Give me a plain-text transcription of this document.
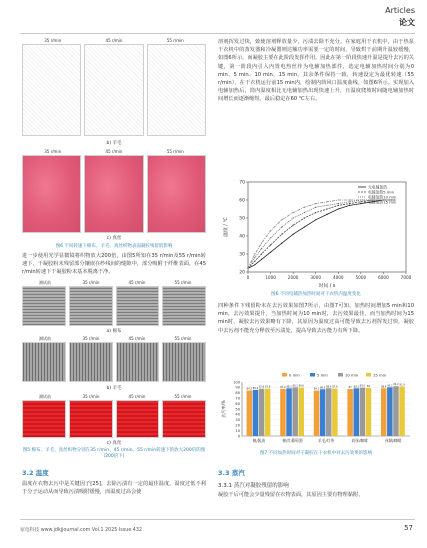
Articles
论文
35 r/min	45 r/min	55 r/min
b) 羊毛
35 r/min	45 r/min	55 r/min
c) 真丝
图6 不同转速下棉布、羊毛、真丝织物表面凝胶残留的影响
进一步使用光学显微镜将织物放大200倍，由图5所知在35 r/min及55 r/min转速下，干凝胶粉末残留部分镶嵌在纱线间的缝隙中，部分吸附于纤维表面，在45 r/min转速下干凝胶粉末基本脱离干净。
测试前	35 r/min	45 r/min	55 r/min
a) 棉布
测试前	35 r/min	45 r/min	55 r/min
b) 羊毛
测试前	35 r/min	45 r/min	55 r/min
c) 真丝
图5 棉布、羊毛、真丝织物分别在35 r/min、45 r/min、55 r/min转速下的放大200倍的图(200倍下)
3.2 温度
温度在衣物去污中是关键因子[25]，去除污渍有一定的最佳温度，温度过低不利于分子运动从而导致污渍吸附缓慢，而温度过高会使
溶剂挥发过快，致使溶剂释放量少，污渍去除不充分。在家庭用干衣机中，由于热泵干衣机中的蒸发器和冷凝器则达额功率需要一定的时间，导致烘干前期升温较缓慢，如图6所示，而凝胶主要在此阶段发挥作用。因此在第一阶段快速升温是提升去污的关键，第一阶段内引入内置电热丝作为电辅加热部件，选定电辅加热时间分别为0 min、5 min、10 min、15 min，其余条件保持一致，转速设定为最优转速（55 r/min），在干衣机运行前15 min内，绘制内筒风口温度曲线，如图6所示。实现加入电辅加热后，筒内温度相比无电辅加热出现快速上升，且温度爬坡时间随电辅加热时间增长而逐渐缩短，最后稳定在60 ℃左右。
20
30
40
50
60
70
0	1000	2000	3000	4000	5000	6000	7000
时间 / s
温度 / ℃
无电辅加热
电辅加热5 min
电辅加热10 min
电辅加热15 min
图6 不同电辅热加热时间对干衣机内温度变化
四种条件下残留粉末在去污效果如图7所示，由图7可知，加热时间增加5 min和10 min，去污效果提升，当加热时间为10 min时，去污效果最佳，而当加热时间为15 min时，凝胶去污效果略有下降，其原因为温度过高可能导致去污剂挥发过快，凝胶中去污剂不能充分释放至污渍处，提高导致去污能力有所下降。
0
10
20
30
40
50
60
70
80
90
100
去污率/%
84.2 85.4 87.6 87.8
棉/酱油
87.2 88.3 90.1 89.6
棉/红葡萄酒
84.1 86.5 88.4 87.6
羊毛/红茶
87 88.3 89.5 89
真丝/咖啡
88.4 90.2 92.2 91.9
丝绸/咖啡
0 min	5 min	10 min	15 min
图7 不同加热时间对干凝胶在干衣机中对去污效果的影响
3.3 蒸汽
3.3.1 蒸汽对凝胶残留的影响
凝胶干后可能会少量残留在衣物表面，其原因主要有物理黏附、
家电科技 www.jdkjjournal.com Vol.1 2025 Issue 432	57
